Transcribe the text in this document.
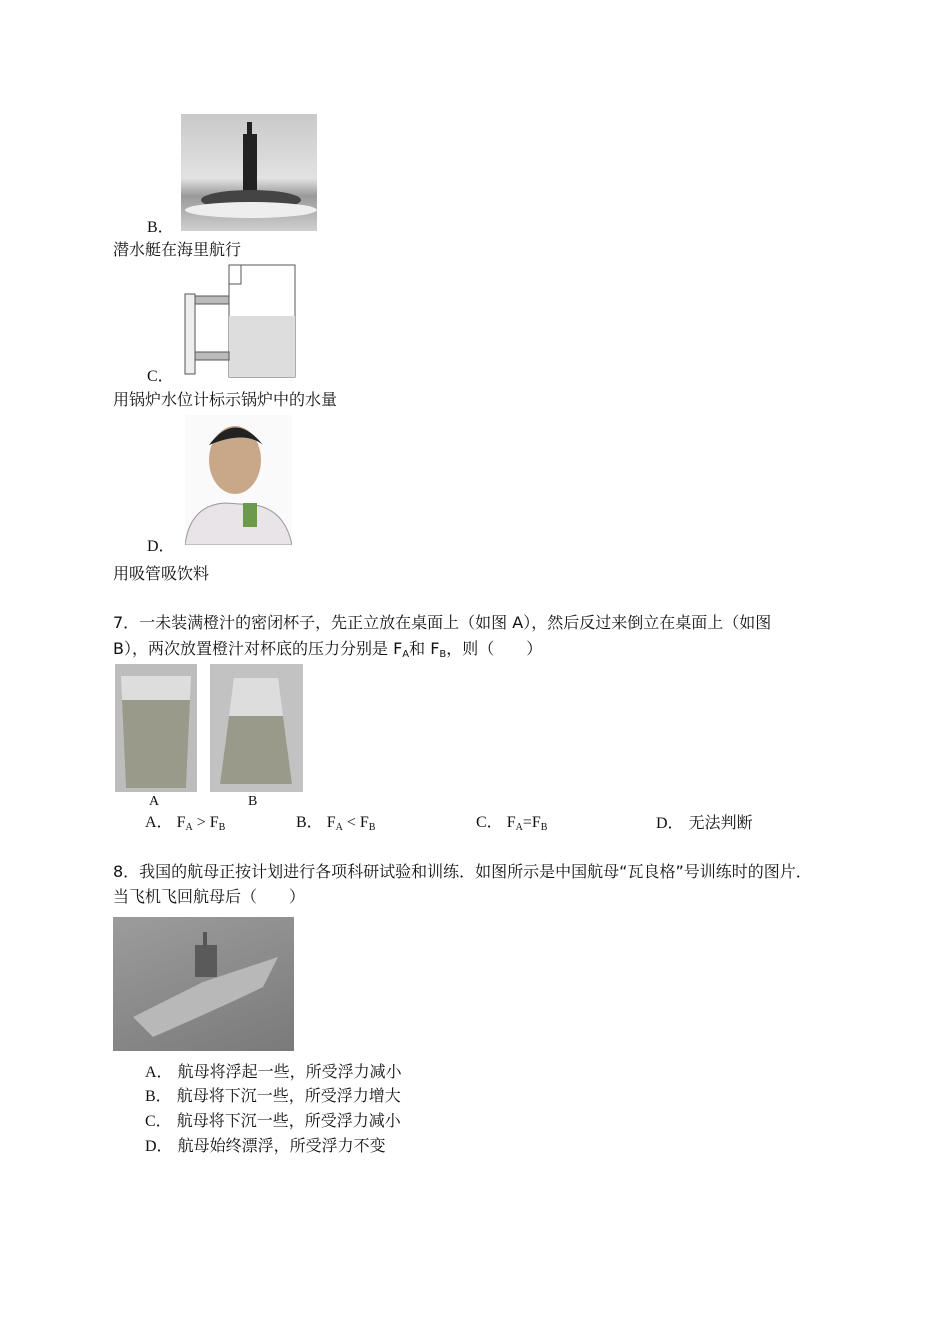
B．
潜水艇在海里航行
C．
用锅炉水位计标示锅炉中的水量
D．
用吸管吸饮料
7．一未装满橙汁的密闭杯子，先正立放在桌面上（如图 A），然后反过来倒立在桌面上（如图
B），两次放置橙汁对杯底的压力分别是 $F_A$和 $F_B$，则（　　）
A	B
A． $F_A > F_B$	B． $F_A < F_B$	C． $F_A=F_B$	D． 无法判断
8．我国的航母正按计划进行各项科研试验和训练．如图所示是中国航母“瓦良格”号训练时的图片．
当飞机飞回航母后（　　）
A． 航母将浮起一些，所受浮力减小
B． 航母将下沉一些，所受浮力增大
C． 航母将下沉一些，所受浮力减小
D． 航母始终漂浮，所受浮力不变
